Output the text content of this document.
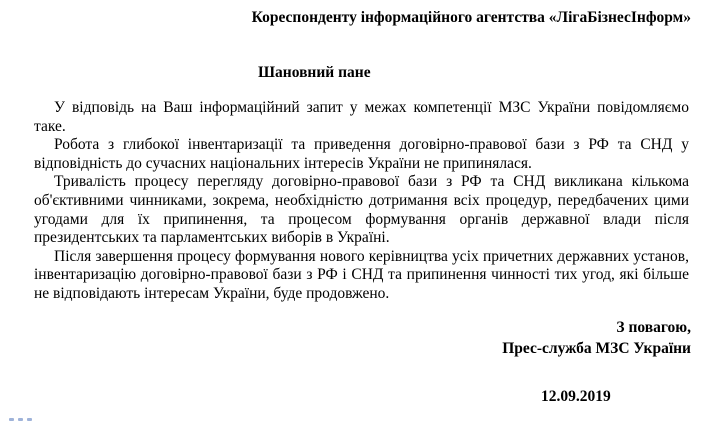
Кореспонденту інформаційного агентства «ЛігаБізнесІнформ»
Шановний пане

У відповідь на Ваш інформаційний запит у межах компетенції МЗС України повідомляємо таке.

Робота з глибокої інвентаризації та приведення договірно-правової бази з РФ та СНД у відповідність до сучасних національних інтересів України не припинялася.

Тривалість процесу перегляду договірно-правової бази з РФ та СНД викликана кількома об'єктивними чинниками, зокрема, необхідністю дотримання всіх процедур, передбачених цими угодами для їх припинення, та процесом формування органів державної влади після президентських та парламентських виборів в Україні.

Після завершення процесу формування нового керівництва усіх причетних державних установ, інвентаризацію договірно-правової бази з РФ і СНД та припинення чинності тих угод, які більше не відповідають інтересам України, буде продовжено.

З повагою,
Прес-служба МЗС України
12.09.2019
